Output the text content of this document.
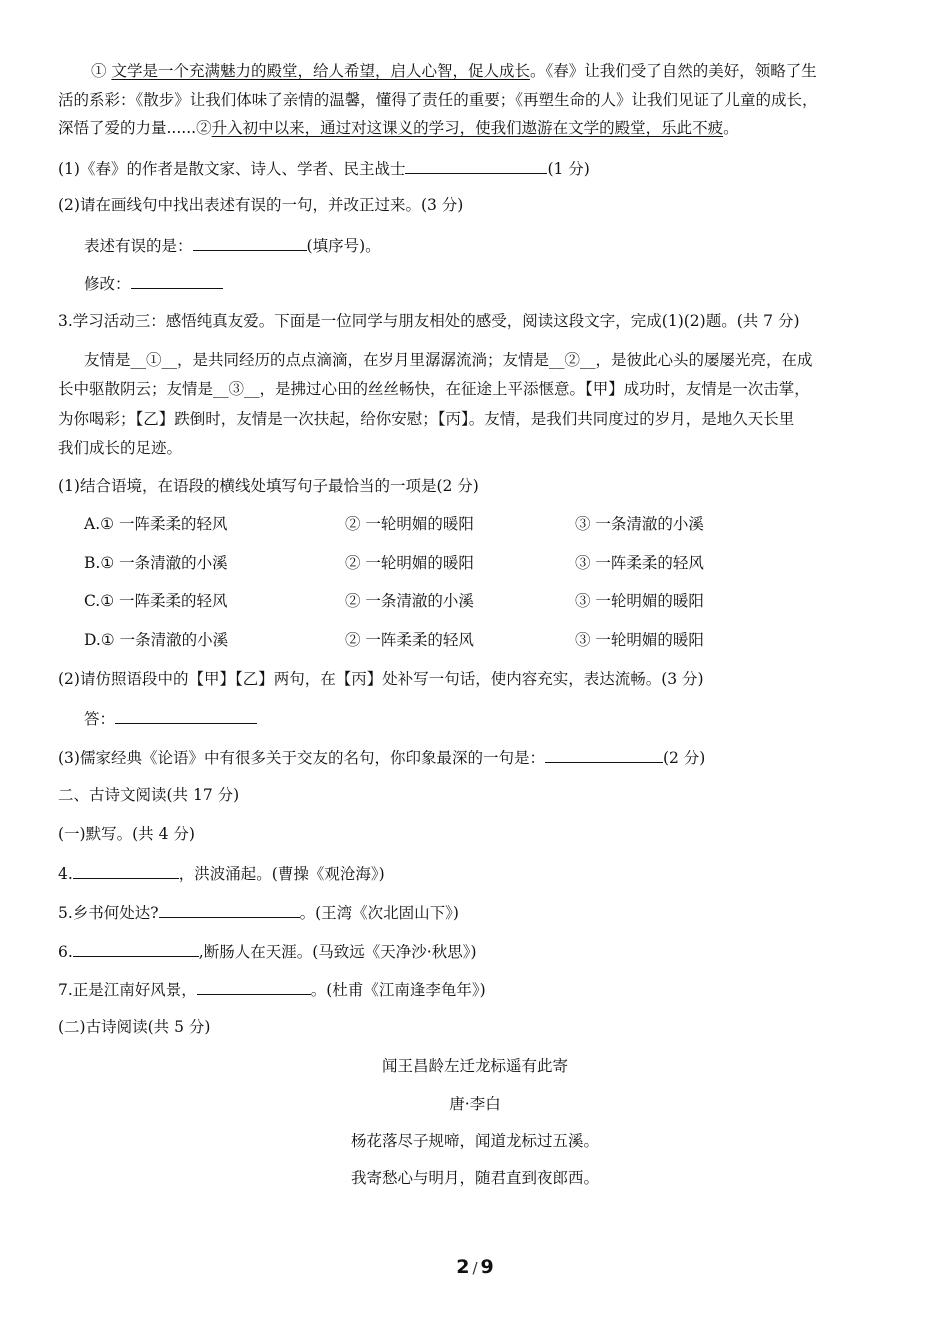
① 文学是一个充满魅力的殿堂，给人希望，启人心智，促人成长。《春》让我们受了自然的美好，领略了生
活的系彩：《散步》让我们体味了亲情的温馨，懂得了责任的重要；《再塑生命的人》让我们见证了儿童的成长，
深悟了爱的力量......②升入初中以来，通过对这课义的学习，使我们遨游在文学的殿堂，乐此不疲。
(1)《春》的作者是散文家、诗人、学者、民主战士	(1 分)
(2)请在画线句中找出表述有误的一句，并改正过来。(3 分)
表述有误的是：	(填序号)。
修改：
3.学习活动三：感悟纯真友爱。下面是一位同学与朋友相处的感受，阅读这段文字，完成(1)(2)题。(共 7 分)
友情是__①__，是共同经历的点点滴滴，在岁月里潺潺流淌；友情是__②__，是彼此心头的屡屡光亮，在成
长中驱散阴云；友情是__③__，是拂过心田的丝丝畅快，在征途上平添惬意。【甲】成功时，友情是一次击掌，
为你喝彩；【乙】跌倒时，友情是一次扶起，给你安慰；【丙】。友情，是我们共同度过的岁月，是地久天长里
我们成长的足迹。
(1)结合语境，在语段的横线处填写句子最恰当的一项是(2 分)
A.① 一阵柔柔的轻风	② 一轮明媚的暖阳	③ 一条清澈的小溪
B.① 一条清澈的小溪	② 一轮明媚的暖阳	③ 一阵柔柔的轻风
C.① 一阵柔柔的轻风	② 一条清澈的小溪	③ 一轮明媚的暖阳
D.① 一条清澈的小溪	② 一阵柔柔的轻风	③ 一轮明媚的暖阳
(2)请仿照语段中的【甲】【乙】两句，在【丙】处补写一句话，使内容充实，表达流畅。(3 分)
答：
(3)儒家经典《论语》中有很多关于交友的名句，你印象最深的一句是：	(2 分)
二、古诗文阅读(共 17 分)
(一)默写。(共 4 分)
4.	，洪波涌起。(曹操《观沧海》)
5.乡书何处达?	。(王湾《次北固山下》)
6.	,断肠人在天涯。(马致远《天净沙·秋思》)
7.正是江南好风景，	。(杜甫《江南逢李龟年》)
(二)古诗阅读(共 5 分)
闻王昌龄左迁龙标遥有此寄
唐·李白
杨花落尽子规啼，闻道龙标过五溪。
我寄愁心与明月，随君直到夜郎西。
2 / 9
